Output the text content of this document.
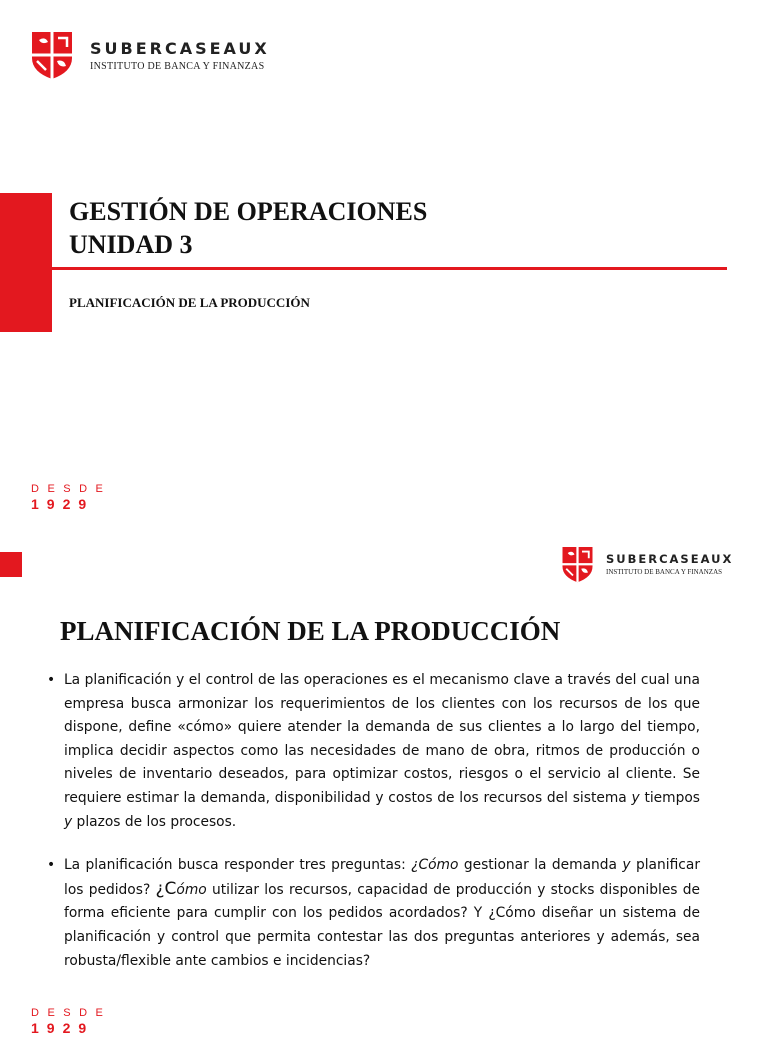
SUBERCASEAUX
INSTITUTO DE BANCA Y FINANZAS
GESTIÓN DE OPERACIONES
UNIDAD 3
PLANIFICACIÓN DE LA PRODUCCIÓN
DESDE
1929
SUBERCASEAUX
INSTITUTO DE BANCA Y FINANZAS
PLANIFICACIÓN DE LA PRODUCCIÓN

• La planificación y el control de las operaciones es el mecanismo clave a través del cual una empresa busca armonizar los requerimientos de los clientes con los recursos de los que dispone, define «cómo» quiere atender la demanda de sus clientes a lo largo del tiempo, implica decidir aspectos como las necesidades de mano de obra, ritmos de producción o niveles de inventario deseados, para optimizar costos, riesgos o el servicio al cliente. Se requiere estimar la demanda, disponibilidad y costos de los recursos del sistema y tiempos y plazos de los procesos.

• La planificación busca responder tres preguntas: ¿Cómo gestionar la demanda y planificar los pedidos? ¿Cómo utilizar los recursos, capacidad de producción y stocks disponibles de forma eficiente para cumplir con los pedidos acordados? Y ¿Cómo diseñar un sistema de planificación y control que permita contestar las dos preguntas anteriores y además, sea robusta/flexible ante cambios e incidencias?

DESDE
1929
